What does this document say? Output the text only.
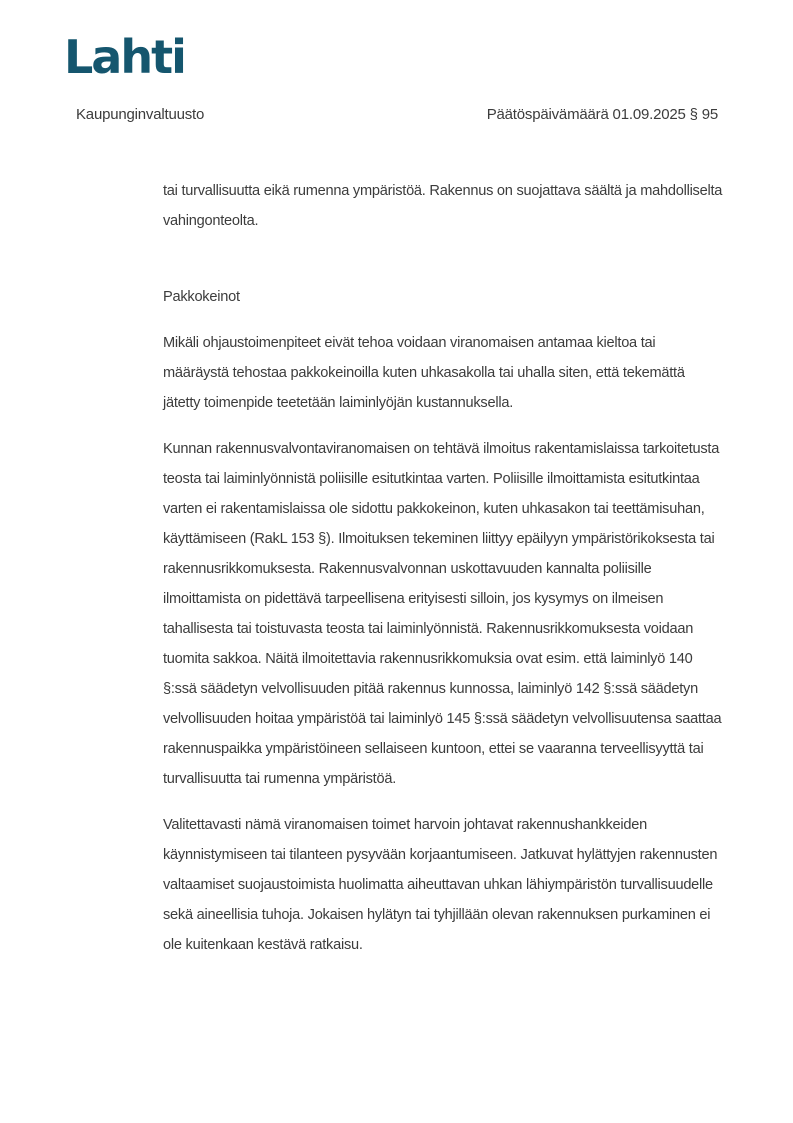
Lahti
Kaupunginvaltuusto	Päätöspäivämäärä 01.09.2025 § 95

tai turvallisuutta eikä rumenna ympäristöä. Rakennus on suojattava säältä ja mahdolliselta vahingonteolta.

Pakkokeinot

Mikäli ohjaustoimenpiteet eivät tehoa voidaan viranomaisen antamaa kieltoa tai määräystä tehostaa pakkokeinoilla kuten uhkasakolla tai uhalla siten, että tekemättä jätetty toimenpide teetetään laiminlyöjän kustannuksella.

Kunnan rakennusvalvontaviranomaisen on tehtävä ilmoitus rakentamislaissa tarkoitetusta teosta tai laiminlyönnistä poliisille esitutkintaa varten. Poliisille ilmoittamista esitutkintaa varten ei rakentamislaissa ole sidottu pakkokeinon, kuten uhkasakon tai teettämisuhan, käyttämiseen (RakL 153 §). Ilmoituksen tekeminen liittyy epäilyyn ympäristörikoksesta tai rakennusrikkomuksesta. Rakennusvalvonnan uskottavuuden kannalta poliisille ilmoittamista on pidettävä tarpeellisena erityisesti silloin, jos kysymys on ilmeisen tahallisesta tai toistuvasta teosta tai laiminlyönnistä. Rakennusrikkomuksesta voidaan tuomita sakkoa. Näitä ilmoitettavia rakennusrikkomuksia ovat esim. että laiminlyö 140 §:ssä säädetyn velvollisuuden pitää rakennus kunnossa, laiminlyö 142 §:ssä säädetyn velvollisuuden hoitaa ympäristöä tai laiminlyö 145 §:ssä säädetyn velvollisuutensa saattaa rakennuspaikka ympäristöineen sellaiseen kuntoon, ettei se vaaranna terveellisyyttä tai turvallisuutta tai rumenna ympäristöä.

Valitettavasti nämä viranomaisen toimet harvoin johtavat rakennushankkeiden käynnistymiseen tai tilanteen pysyvään korjaantumiseen. Jatkuvat hylättyjen rakennusten valtaamiset suojaustoimista huolimatta aiheuttavan uhkan lähiympäristön turvallisuudelle sekä aineellisia tuhoja. Jokaisen hylätyn tai tyhjillään olevan rakennuksen purkaminen ei ole kuitenkaan kestävä ratkaisu.
